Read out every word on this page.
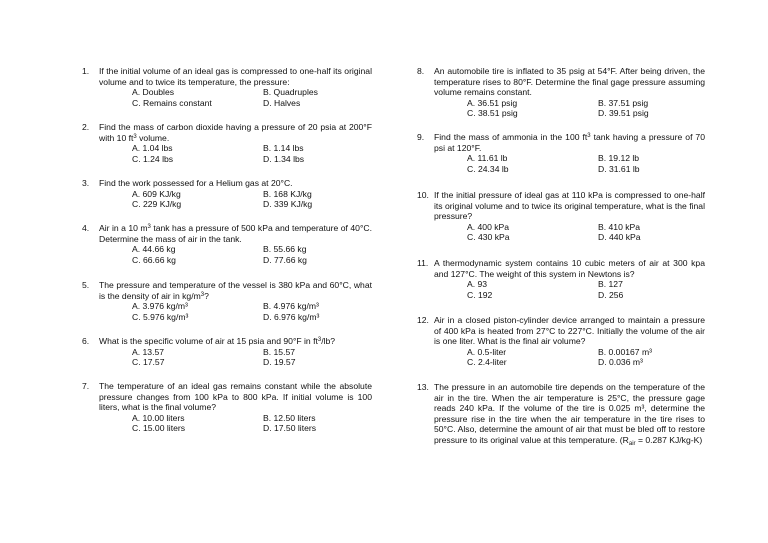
1.	If the initial volume of an ideal gas is compressed to one-half its original volume and to twice its temperature, the pressure:
A. Doubles	B. Quadruples
C. Remains constant	D. Halves
2.	Find the mass of carbon dioxide having a pressure of 20 psia at 200°F with 10 $ft^3$ volume.
A. 1.04 lbs	B. 1.14 lbs
C. 1.24 lbs	D. 1.34 lbs
3.	Find the work possessed for a Helium gas at 20°C.
A. 609 KJ/kg	B. 168 KJ/kg
C. 229 KJ/kg	D. 339 KJ/kg
4.	Air in a 10 $m^3$ tank has a pressure of 500 kPa and temperature of 40°C. Determine the mass of air in the tank.
A. 44.66 kg	B. 55.66 kg
C. 66.66 kg	D. 77.66 kg
5.	The pressure and temperature of the vessel is 380 kPa and 60°C, what is the density of air in $kg/m^3$?
A. 3.976 kg/m³	B. 4.976 kg/m³
C. 5.976 kg/m³	D. 6.976 kg/m³
6.	What is the specific volume of air at 15 psia and 90°F in $ft^3/lb$?
A. 13.57	B. 15.57
C. 17.57	D. 19.57
7.	The temperature of an ideal gas remains constant while the absolute pressure changes from 100 kPa to 800 kPa. If initial volume is 100 liters, what is the final volume?
A. 10.00 liters	B. 12.50 liters
C. 15.00 liters	D. 17.50 liters
8.	An automobile tire is inflated to 35 psig at 54°F. After being driven, the temperature rises to 80°F. Determine the final gage pressure assuming volume remains constant.
A. 36.51 psig	B. 37.51 psig
C. 38.51 psig	D. 39.51 psig
9.	Find the mass of ammonia in the 100 $ft^3$ tank having a pressure of 70 psi at 120°F.
A. 11.61 lb	B. 19.12 lb
C. 24.34 lb	D. 31.61 lb
10. If the initial pressure of ideal gas at 110 kPa is compressed to one-half its original volume and to twice its original temperature, what is the final pressure?
A. 400 kPa	B. 410 kPa
C. 430 kPa	D. 440 kPa
11. A thermodynamic system contains 10 cubic meters of air at 300 kpa and 127°C. The weight of this system in Newtons is?
A. 93	B. 127
C. 192	D. 256
12. Air in a closed piston-cylinder device arranged to maintain a pressure of 400 kPa is heated from 27°C to 227°C. Initially the volume of the air is one liter. What is the final air volume?
A. 0.5-liter	B. 0.00167 m³
C. 2.4-liter	D. 0.036 m³
13. The pressure in an automobile tire depends on the temperature of the air in the tire. When the air temperature is 25°C, the pressure gage reads 240 kPa. If the volume of the tire is 0.025 m³, determine the pressure rise in the tire when the air temperature in the tire rises to 50°C. Also, determine the amount of air that must be bled off to restore pressure to its original value at this temperature. ($R_{air} = 0.287$ KJ/kg-K)
